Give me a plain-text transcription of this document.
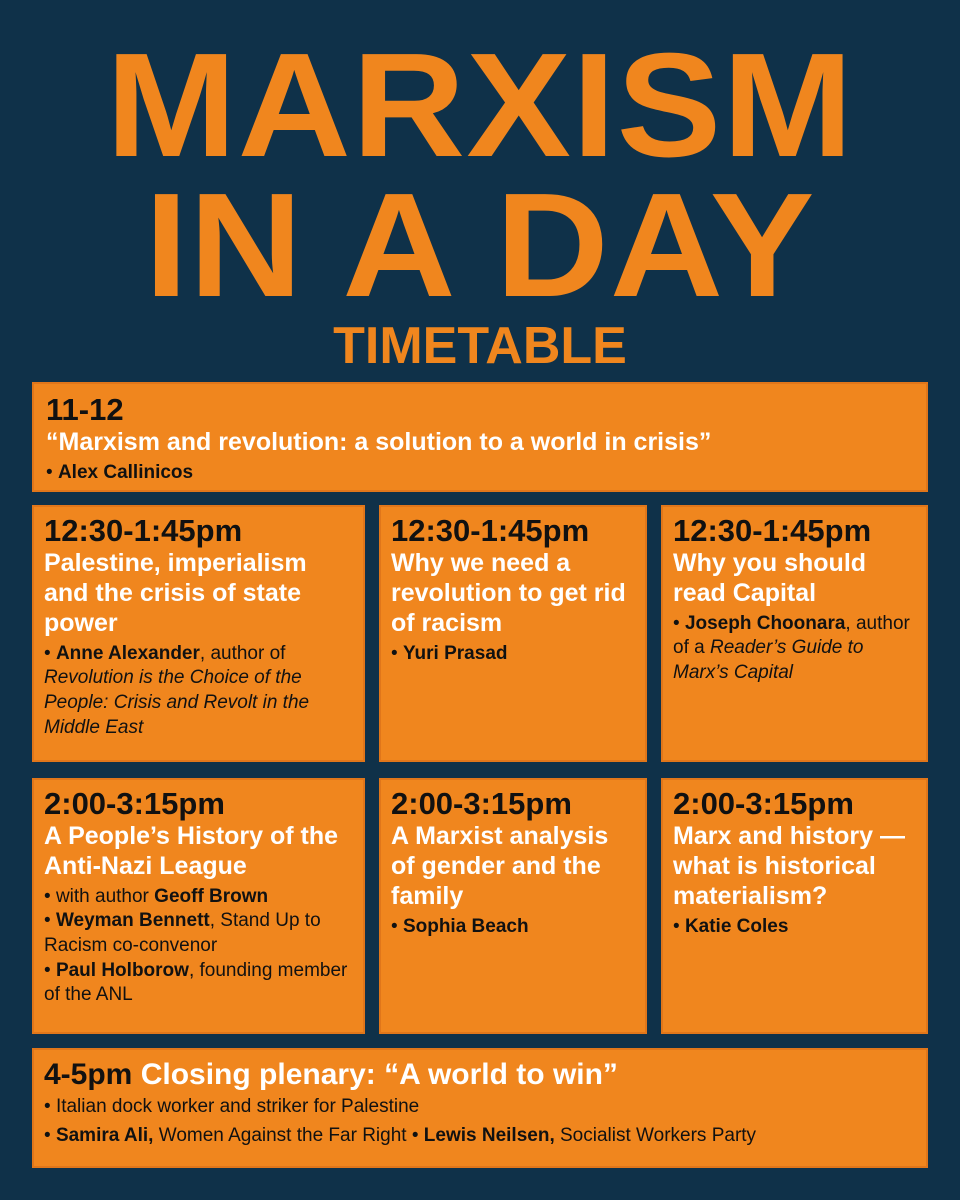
MARXISM
IN A DAY
TIMETABLE
11-12
“Marxism and revolution: a solution to a world in crisis”
• Alex Callinicos
12:30-1:45pm
Palestine, imperialism and the crisis of state power
• Anne Alexander, author of Revolution is the Choice of the People: Crisis and Revolt in the Middle East
12:30-1:45pm
Why we need a revolution to get rid of racism
• Yuri Prasad
12:30-1:45pm
Why you should read Capital
• Joseph Choonara, author of a Reader’s Guide to Marx’s Capital
2:00-3:15pm
A People’s History of the Anti-Nazi League
• with author Geoff Brown
• Weyman Bennett, Stand Up to Racism co-convenor
• Paul Holborow, founding member of the ANL
2:00-3:15pm
A Marxist analysis of gender and the family
• Sophia Beach
2:00-3:15pm
Marx and history — what is historical materialism?
• Katie Coles
4-5pm Closing plenary: “A world to win”
• Italian dock worker and striker for Palestine
• Samira Ali, Women Against the Far Right • Lewis Neilsen, Socialist Workers Party
